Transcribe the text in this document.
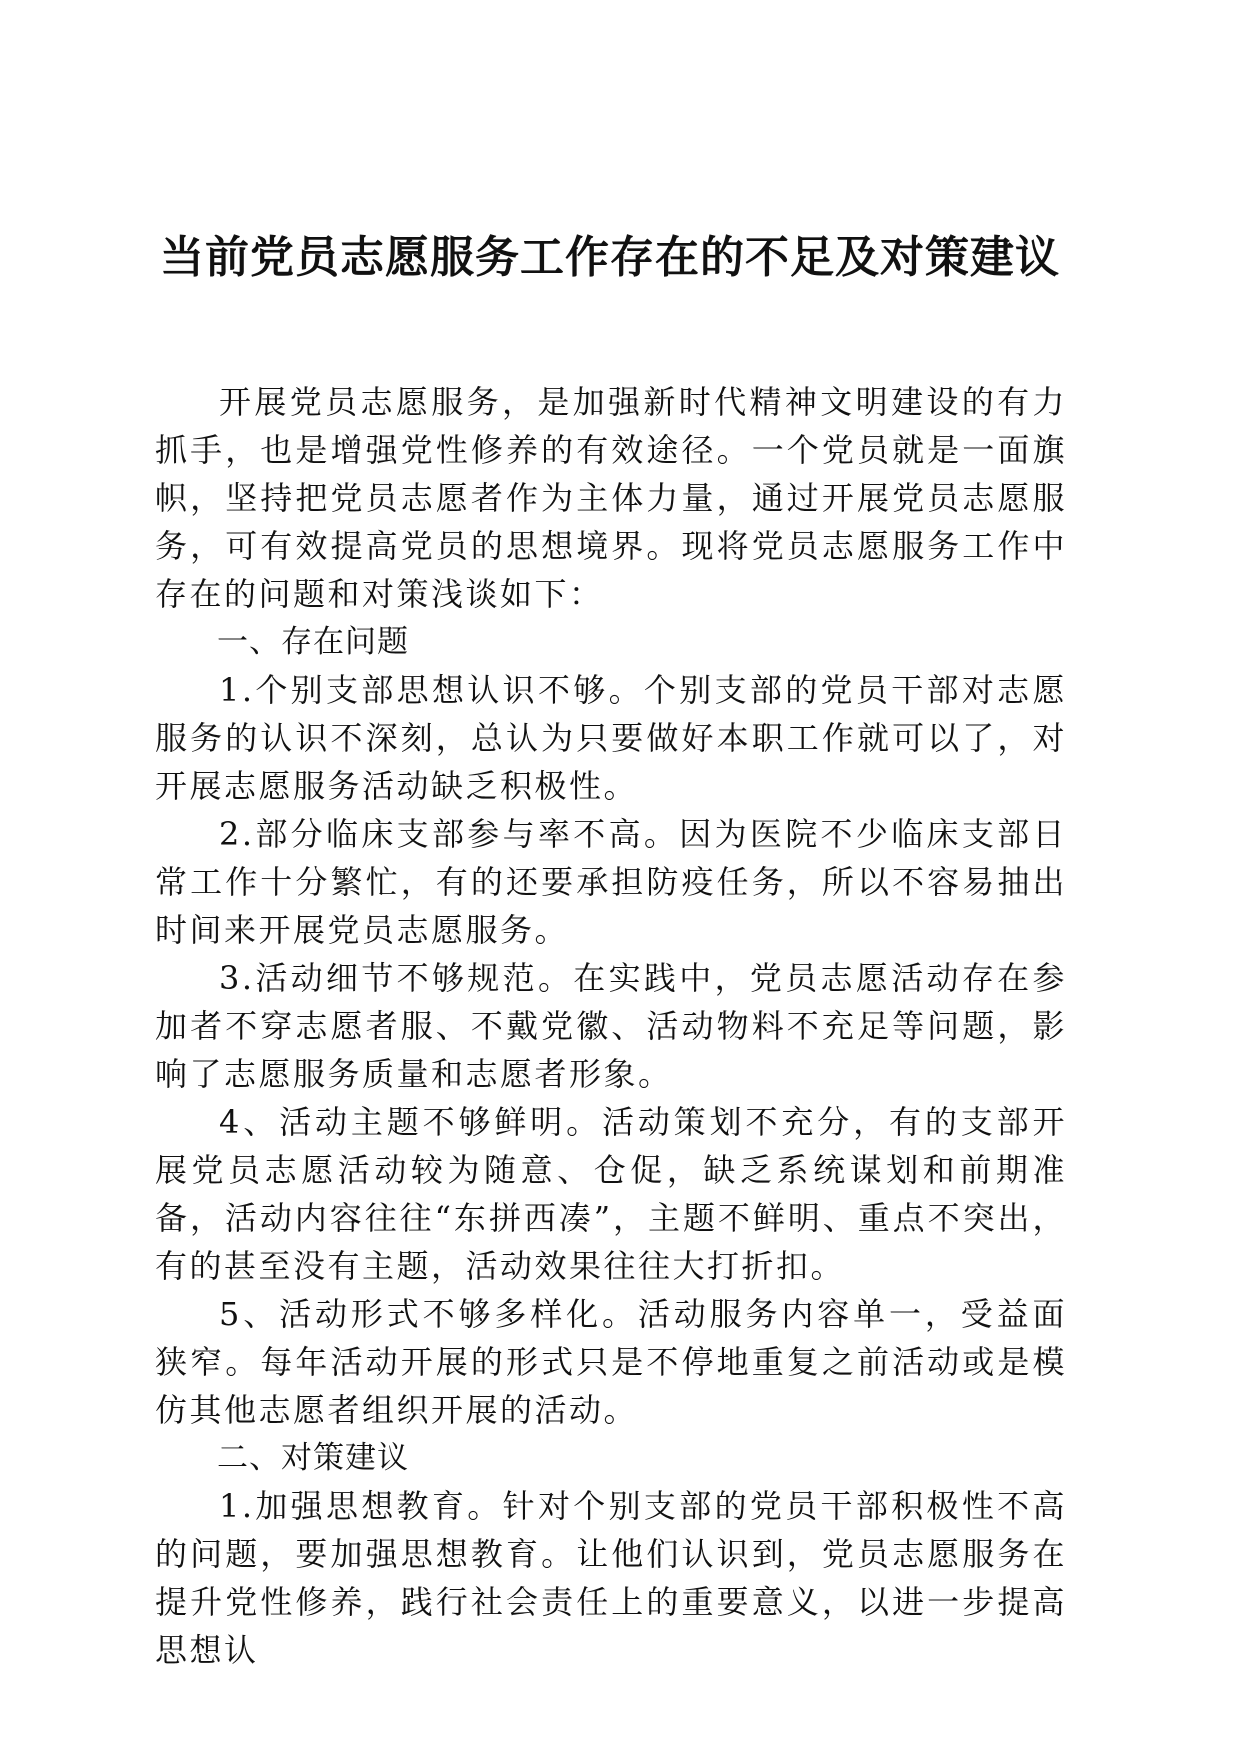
当前党员志愿服务工作存在的不足及对策建议

开展党员志愿服务，是加强新时代精神文明建设的有力抓手，也是增强党性修养的有效途径。一个党员就是一面旗帜，坚持把党员志愿者作为主体力量，通过开展党员志愿服务，可有效提高党员的思想境界。现将党员志愿服务工作中存在的问题和对策浅谈如下：

一、存在问题

1.个别支部思想认识不够。个别支部的党员干部对志愿服务的认识不深刻，总认为只要做好本职工作就可以了，对开展志愿服务活动缺乏积极性。

2.部分临床支部参与率不高。因为医院不少临床支部日常工作十分繁忙，有的还要承担防疫任务，所以不容易抽出时间来开展党员志愿服务。

3.活动细节不够规范。在实践中，党员志愿活动存在参加者不穿志愿者服、不戴党徽、活动物料不充足等问题，影响了志愿服务质量和志愿者形象。

4、活动主题不够鲜明。活动策划不充分，有的支部开展党员志愿活动较为随意、仓促，缺乏系统谋划和前期准备，活动内容往往“东拼西凑”，主题不鲜明、重点不突出，有的甚至没有主题，活动效果往往大打折扣。

5、活动形式不够多样化。活动服务内容单一，受益面狭窄。每年活动开展的形式只是不停地重复之前活动或是模仿其他志愿者组织开展的活动。

二、对策建议

1.加强思想教育。针对个别支部的党员干部积极性不高的问题，要加强思想教育。让他们认识到，党员志愿服务在提升党性修养，践行社会责任上的重要意义，以进一步提高思想认
